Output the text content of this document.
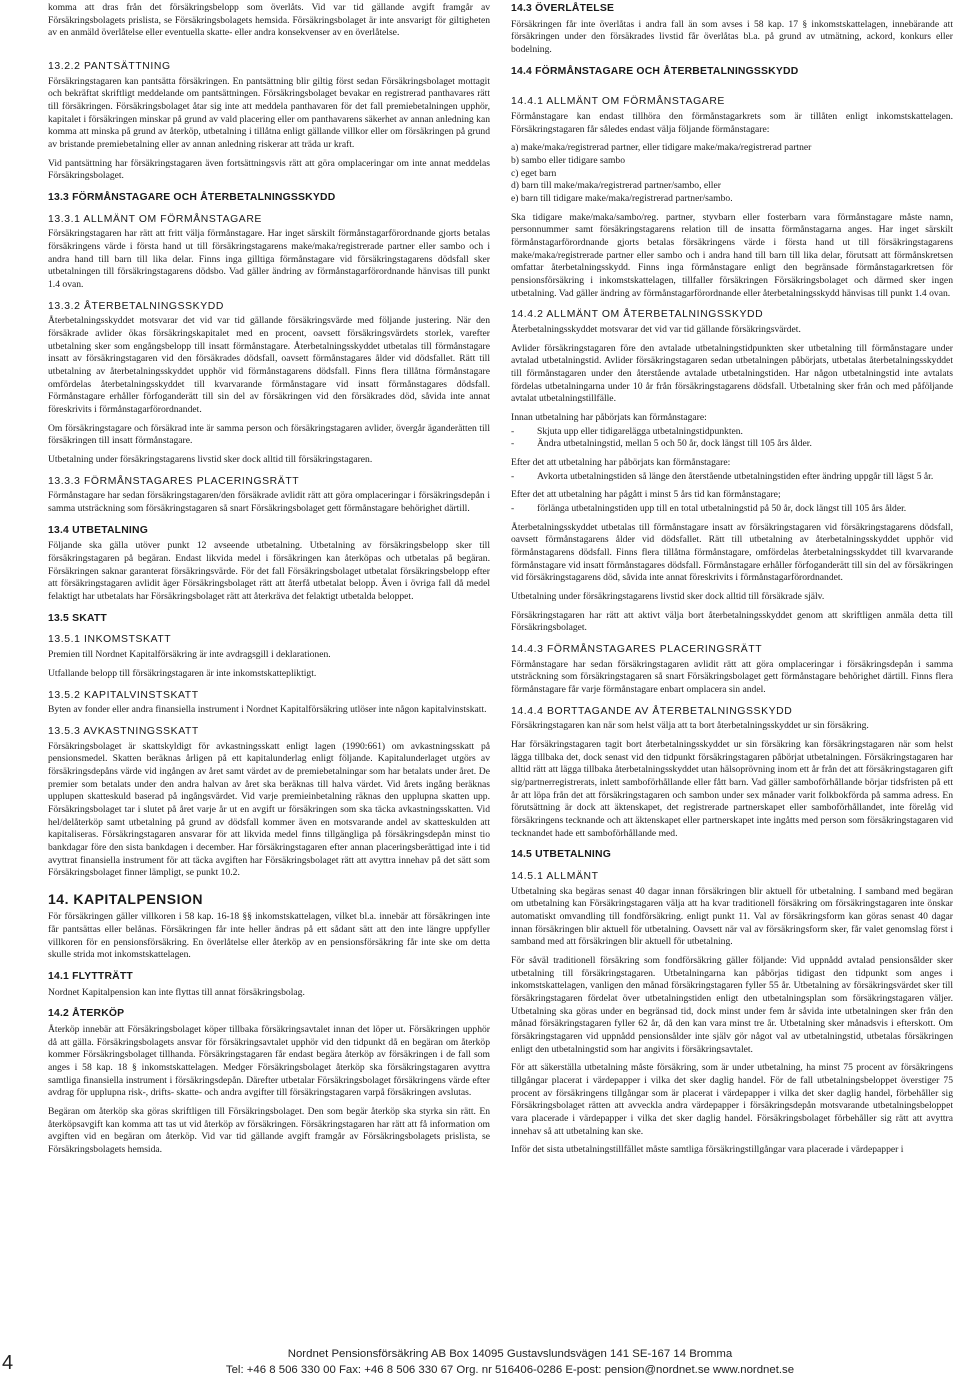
komma att dras från det försäkringsbelopp som överlåts. Vid var tid gällande avgift framgår av Försäkringsbolagets prislista, se Försäkringsbolagets hemsida. Försäkringsbolaget är inte ansvarigt för giltigheten av en anmäld överlåtelse eller eventuella skatte- eller andra konsekvenser av en överlåtelse.

13.2.2 PANTSÄTTNING

Försäkringstagaren kan pantsätta försäkringen. En pantsättning blir giltig först sedan Försäkringsbolaget mottagit och bekräftat skriftligt meddelande om pantsättningen. Försäkringsbolaget bevakar en registrerad panthavares rätt till försäkringen. Försäkringsbolaget åtar sig inte att meddela panthavaren för det fall premiebetalningen upphör, kapitalet i försäkringen minskar på grund av vald placering eller om panthavarens säkerhet av annan anledning kan komma att minska på grund av återköp, utbetalning i tillåtna enligt gällande villkor eller om försäkringen på grund av bristande premiebetalning eller av annan anledning riskerar att träda ur kraft.

Vid pantsättning har försäkringstagaren även fortsättningsvis rätt att göra omplaceringar om inte annat meddelas Försäkringsbolaget.

13.3 FÖRMÅNSTAGARE OCH ÅTERBETALNINGSSKYDD
13.3.1 ALLMÄNT OM FÖRMÅNSTAGARE

Försäkringstagaren har rätt att fritt välja förmånstagare. Har inget särskilt förmånstagarförordnande gjorts betalas försäkringens värde i första hand ut till försäkringstagarens make/maka/registrerade partner eller sambo och i andra hand till barn till lika delar. Finns inga gilltiga förmånstagare vid försäkringstagarens dödsfall sker utbetalningen till försäkringstagarens dödsbo. Vad gäller ändring av förmånstagarförordnande hänvisas till punkt 1.4 ovan.

13.3.2 ÅTERBETALNINGSSKYDD

Återbetalningsskyddet motsvarar det vid var tid gällande försäkringsvärde med följande justering. När den försäkrade avlider ökas försäkringskapitalet med en procent, oavsett försäkringsvärdets storlek, varefter utbetalning sker som engångsbelopp till insatt förmånstagare. Återbetalningsskyddet utbetalas till förmånstagare insatt av försäkringstagaren vid den försäkrades dödsfall, oavsett förmånstagares ålder vid dödsfallet. Rätt till utbetalning av återbetalningsskyddet upphör vid förmånstagarens dödsfall. Finns flera tillåtna förmånstagare omfördelas återbetalningsskyddet till kvarvarande förmånstagare vid insatt förmånstagares dödsfall. Förmånstagare erhåller förfoganderätt till sin del av försäkringen vid den försäkrades död, såvida inte annat föreskrivits i förmånstagarförordnandet.

Om försäkringstagare och försäkrad inte är samma person och försäkringstagaren avlider, övergår äganderätten till försäkringen till insatt förmånstagare.

Utbetalning under försäkringstagarens livstid sker dock alltid till försäkringstagaren.

13.3.3 FÖRMÅNSTAGARES PLACERINGSRÄTT

Förmånstagare har sedan försäkringstagaren/den försäkrade avlidit rätt att göra omplaceringar i försäkringsdepån i samma utsträckning som försäkringstagaren så snart Försäkringsbolaget gett förmånstagare behörighet därtill.

13.4 UTBETALNING

Följande ska gälla utöver punkt 12 avseende utbetalning. Utbetalning av försäkringsbelopp sker till försäkringstagaren på begäran. Endast likvida medel i försäkringen kan återköpas och utbetalas på begäran. Försäkringen saknar garanterat försäkringsvärde. För det fall Försäkringsbolaget utbetalat försäkringsbelopp efter att försäkringstagaren avlidit äger Försäkringsbolaget rätt att återfå utbetalat belopp. Även i övriga fall då medel felaktigt har utbetalats har Försäkringsbolaget rätt att återkräva det felaktigt utbetalda beloppet.

13.5 SKATT
13.5.1 INKOMSTSKATT

Premien till Nordnet Kapitalförsäkring är inte avdragsgill i deklarationen.

Utfallande belopp till försäkringstagaren är inte inkomstskattepliktigt.

13.5.2 KAPITALVINSTSKATT

Byten av fonder eller andra finansiella instrument i Nordnet Kapitalförsäkring utlöser inte någon kapitalvinstskatt.

13.5.3 AVKASTNINGSSKATT

Försäkringsbolaget är skattskyldigt för avkastningsskatt enligt lagen (1990:661) om avkastningsskatt på pensionsmedel. Skatten beräknas årligen på ett kapitalunderlag enligt följande. Kapitalunderlaget utgörs av försäkringsdepåns värde vid ingången av året samt värdet av de premiebetalningar som har betalats under året. De premier som betalats under den andra halvan av året ska beräknas till halva värdet. Vid årets ingång beräknas upplupen skatteskuld baserad på ingångsvärdet. Vid varje premieinbetalning räknas den upplupna skatten upp. Försäkringsbolaget tar i slutet på året varje år ut en avgift ur försäkringen som ska täcka avkastningsskatten. Vid hel/delåterköp samt utbetalning på grund av dödsfall kommer även en motsvarande andel av skatteskulden att kapitaliseras. Försäkringstagaren ansvarar för att likvida medel finns tillgängliga på försäkringsdepån minst tio bankdagar före den sista bankdagen i december. Har försäkringstagaren efter annan placeringsberättigad inte i tid avyttrat finansiella instrument för att täcka avgiften har Försäkringsbolaget rätt att avyttra innehav på det sätt som Försäkringsbolaget finner lämpligt, se punkt 10.2.

14. KAPITALPENSION

För försäkringen gäller villkoren i 58 kap. 16-18 §§ inkomstskattelagen, vilket bl.a. innebär att försäkringen inte får pantsättas eller belånas. Försäkringen får inte heller ändras på ett sådant sätt att den inte längre uppfyller villkoren för en pensionsförsäkring. En överlåtelse eller återköp av en pensionsförsäkring får inte ske om detta skulle strida mot inkomstskattelagen.

14.1 FLYTTRÄTT

Nordnet Kapitalpension kan inte flyttas till annat försäkringsbolag.

14.2 ÅTERKÖP

Återköp innebär att Försäkringsbolaget köper tillbaka försäkringsavtalet innan det löper ut. Försäkringen upphör då att gälla. Försäkringsbolagets ansvar för försäkringsavtalet upphör vid den tidpunkt då en begäran om återköp kommer Försäkringsbolaget tillhanda. Försäkringstagaren får endast begära återköp av försäkringen i de fall som anges i 58 kap. 18 § inkomstskattelagen. Medger Försäkringsbolaget återköp ska försäkringstagaren avyttra samtliga finansiella instrument i försäkringsdepån. Därefter utbetalar Försäkringsbolaget försäkringens värde efter avdrag för upplupna risk-, drifts- skatte- och andra avgifter till försäkringstagaren varpå försäkringen avslutas.

Begäran om återköp ska göras skriftligen till Försäkringsbolaget. Den som begär återköp ska styrka sin rätt. En återköpsavgift kan komma att tas ut vid återköp av försäkringen. Försäkringstagaren har rätt att få information om avgiften vid en begäran om återköp. Vid var tid gällande avgift framgår av Försäkringsbolagets prislista, se Försäkringsbolagets hemsida.

14.3 ÖVERLÅTELSE

Försäkringen får inte överlåtas i andra fall än som avses i 58 kap. 17 § inkomstskattelagen, innebärande att försäkringen under den försäkrades livstid får överlåtas bl.a. på grund av utmätning, ackord, konkurs eller bodelning.

14.4 FÖRMÅNSTAGARE OCH ÅTERBETALNINGSSKYDD
14.4.1 ALLMÄNT OM FÖRMÅNSTAGARE

Förmånstagare kan endast tillhöra den förmånstagarkrets som är tillåten enligt inkomstskattelagen. Försäkringstagaren får således endast välja följande förmånstagare:

a) make/maka/registrerad partner, eller tidigare make/maka/registrerad partner
b) sambo eller tidigare sambo
c) eget barn
d) barn till make/maka/registrerad partner/sambo, eller
e) barn till tidigare make/maka/registrerad partner/sambo.

Ska tidigare make/maka/sambo/reg. partner, styvbarn eller fosterbarn vara förmånstagare måste namn, personnummer samt försäkringstagarens relation till de insatta förmånstagarna anges. Har inget särskilt förmånstagarförordnande gjorts betalas försäkringens värde i första hand ut till försäkringstagarens make/maka/registrerade partner eller sambo och i andra hand till barn till lika delar, förutsatt att förmånskretsen omfattar återbetalningsskydd. Finns inga förmånstagare enligt den begränsade förmånstagarkretsen för pensionsförsäkring i inkomstskattelagen, tillfaller försäkringen Försäkringsbolaget och därmed sker ingen utbetalning. Vad gäller ändring av förmånstagarförordnande eller återbetalningsskydd hänvisas till punkt 1.4 ovan.

14.4.2 ALLMÄNT OM ÅTERBETALNINGSSKYDD

Återbetalningsskyddet motsvarar det vid var tid gällande försäkringsvärdet.

Avlider försäkringstagaren före den avtalade utbetalningstidpunkten sker utbetalning till förmånstagare under avtalad utbetalningstid. Avlider försäkringstagaren sedan utbetalningen påbörjats, utbetalas återbetalningsskyddet till förmånstagaren under den återstående avtalade utbetalningstiden. Har någon utbetalningstid inte avtalats fördelas utbetalningarna under 10 år från försäkringstagarens dödsfall. Utbetalning sker från och med påföljande avtalat utbetalningstillfälle.

Innan utbetalning har påbörjats kan förmånstagare:

-	Skjuta upp eller tidigarelägga utbetalningstidpunkten.
-	Ändra utbetalningstid, mellan 5 och 50 år, dock längst till 105 års ålder.

Efter det att utbetalning har påbörjats kan förmånstagare:

-	Avkorta utbetalningstiden så länge den återstående utbetalningstiden efter ändring uppgår till lägst 5 år.

Efter det att utbetalning har pågått i minst 5 års tid kan förmånstagare;

-	förlänga utbetalningstiden upp till en total utbetalningstid på 50 år, dock längst till 105 års ålder.

Återbetalningsskyddet utbetalas till förmånstagare insatt av försäkringstagaren vid försäkringstagarens dödsfall, oavsett förmånstagarens ålder vid dödsfallet. Rätt till utbetalning av återbetalningsskyddet upphör vid förmånstagarens dödsfall. Finns flera tillåtna förmånstagare, omfördelas återbetalningsskyddet till kvarvarande förmånstagare vid insatt förmånstagares dödsfall. Förmånstagare erhåller förfoganderätt till sin del av försäkringen vid försäkringstagarens död, såvida inte annat föreskrivits i förmånstagarförordnandet.

Utbetalning under försäkringstagarens livstid sker dock alltid till försäkrade själv.

Försäkringstagaren har rätt att aktivt välja bort återbetalningsskyddet genom att skriftligen anmäla detta till Försäkringsbolaget.

14.4.3 FÖRMÅNSTAGARES PLACERINGSRÄTT

Förmånstagare har sedan försäkringstagaren avlidit rätt att göra omplaceringar i försäkringsdepån i samma utsträckning som försäkringstagaren så snart Försäkringsbolaget gett förmånstagare behörighet därtill. Finns flera förmånstagare får varje förmånstagare enbart omplacera sin andel.

14.4.4 BORTTAGANDE AV ÅTERBETALNINGSSKYDD

Försäkringstagaren kan när som helst välja att ta bort återbetalningsskyddet ur sin försäkring.

Har försäkringstagaren tagit bort återbetalningsskyddet ur sin försäkring kan försäkringstagaren när som helst lägga tillbaka det, dock senast vid den tidpunkt försäkringstagaren påbörjat utbetalningen. Försäkringstagaren har alltid rätt att lägga tillbaka återbetalningsskyddet utan hälsoprövning inom ett år från det att försäkringstagaren gift sig/partnerregistrerats, inlett samboförhållande eller fått barn. Vad gäller samboförhållande börjar tidsfristen på ett år att löpa från det att försäkringstagaren och sambon under sex månader varit folkbokförda på samma adress. En förutsättning är dock att äktenskapet, det registrerade partnerskapet eller samboförhållandet, inte förelåg vid försäkringens tecknande och att äktenskapet eller partnerskapet inte ingåtts med person som försäkringstagaren vid tecknandet hade ett samboförhållande med.

14.5 UTBETALNING
14.5.1 ALLMÄNT

Utbetalning ska begäras senast 40 dagar innan försäkringen blir aktuell för utbetalning. I samband med begäran om utbetalning kan Försäkringstagaren välja att ha kvar traditionell försäkring om försäkringstagaren inte önskar automatiskt omvandling till fondförsäkring. enligt punkt 11. Val av försäkringsform kan göras senast 40 dagar innan försäkringen blir aktuell för utbetalning. Oavsett när val av försäkringsform sker, får valet genomslag först i samband med att försäkringen blir aktuell för utbetalning.

För såväl traditionell försäkring som fondförsäkring gäller följande: Vid uppnådd avtalad pensionsålder sker utbetalning till försäkringstagaren. Utbetalningarna kan påbörjas tidigast den tidpunkt som anges i inkomstskattelagen, vanligen den månad försäkringstagaren fyller 55 år. Utbetalning av försäkringsvärdet sker till försäkringstagaren fördelat över utbetalningstiden enligt den utbetalningsplan som försäkringstagaren väljer. Utbetalning ska göras under en begränsad tid, dock minst under fem år såvida inte utbetalningen sker från den månad försäkringstagaren fyller 62 år, då den kan vara minst tre år. Utbetalning sker månadsvis i efterskott. Om försäkringstagaren vid uppnådd pensionsålder inte själv gör något val av utbetalningstid, utbetalas försäkringen enligt den utbetalningstid som har angivits i försäkringsavtalet.

För att säkerställa utbetalning måste försäkring, som är under utbetalning, ha minst 75 procent av försäkringens tillgångar placerat i värdepapper i vilka det sker daglig handel. För de fall utbetalningsbeloppet överstiger 75 procent av försäkringens tillgångar som är placerat i värdepapper i vilka det sker daglig handel, förbehåller sig Försäkringsbolaget rätten att avveckla andra värdepapper i försäkringsdepån motsvarande utbetalningsbeloppet vara placerade i värdepapper i vilka det sker daglig handel. Försäkringsbolaget förbehåller sig rätt att avyttra innehav så att utbetalning kan ske.

Inför det sista utbetalningstillfället måste samtliga försäkringstillgångar vara placerade i värdepapper i

4	Nordnet Pensionsförsäkring AB Box 14095 Gustavslundsvägen 141 SE-167 14 Bromma
Tel: +46 8 506 330 00 Fax: +46 8 506 330 67 Org. nr 516406-0286 E-post: pension@nordnet.se www.nordnet.se
